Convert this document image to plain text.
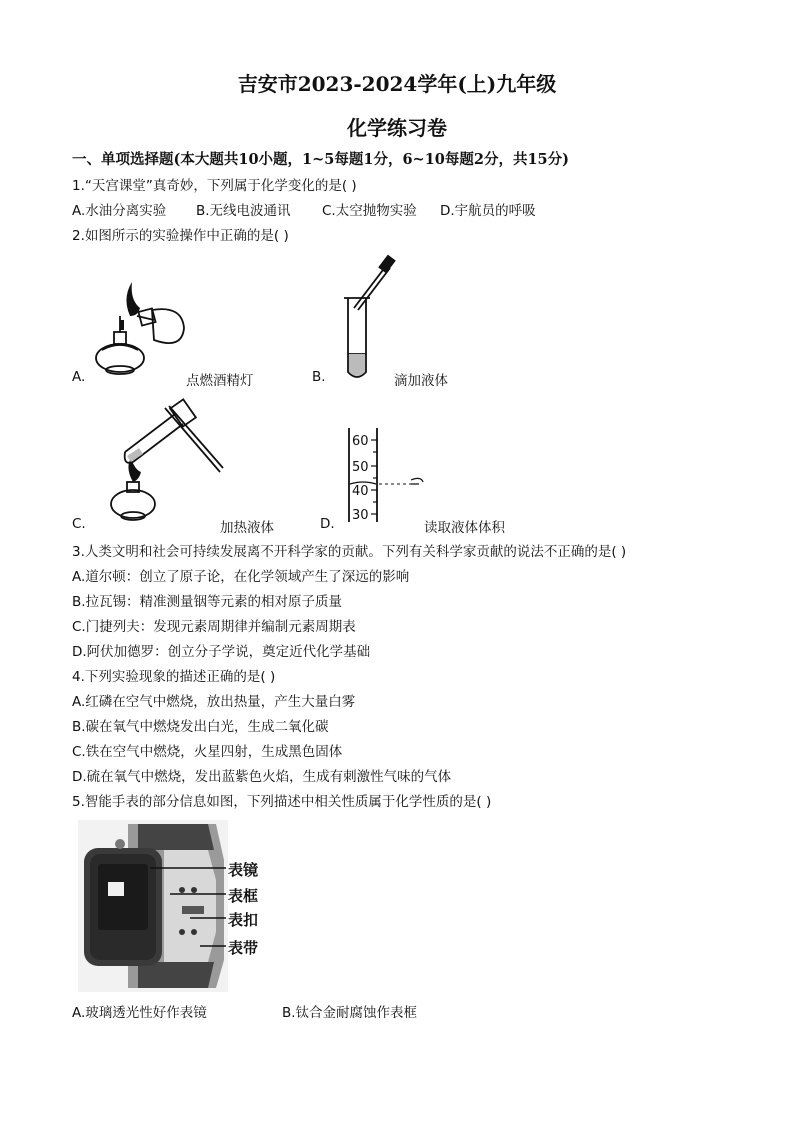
吉安市2023-2024学年(上)九年级
化学练习卷
一、单项选择题(本大题共10小题，1~5每题1分，6~10每题2分，共15分)
1.“天宫课堂”真奇妙，下列属于化学变化的是( )
A.水油分离实验 B.无线电波通讯 C.太空抛物实验 D.宇航员的呼吸
2.如图所示的实验操作中正确的是( )
A.	点燃酒精灯	B.	滴加液体
C.	加热液体
60
50
40
30
D.	读取液体体积
3.人类文明和社会可持续发展离不开科学家的贡献。下列有关科学家贡献的说法不正确的是( )
A.道尔顿：创立了原子论，在化学领域产生了深远的影响
B.拉瓦锡：精准测量铟等元素的相对原子质量
C.门捷列夫：发现元素周期律并编制元素周期表
D.阿伏加德罗：创立分子学说，奠定近代化学基础
4.下列实验现象的描述正确的是( )
A.红磷在空气中燃烧，放出热量，产生大量白雾
B.碳在氧气中燃烧发出白光，生成二氧化碳
C.铁在空气中燃烧，火星四射，生成黑色固体
D.硫在氧气中燃烧，发出蓝紫色火焰，生成有刺激性气味的气体
5.智能手表的部分信息如图，下列描述中相关性质属于化学性质的是( )
表镜
表框
表扣
表带
A.玻璃透光性好作表镜	B.钛合金耐腐蚀作表框
